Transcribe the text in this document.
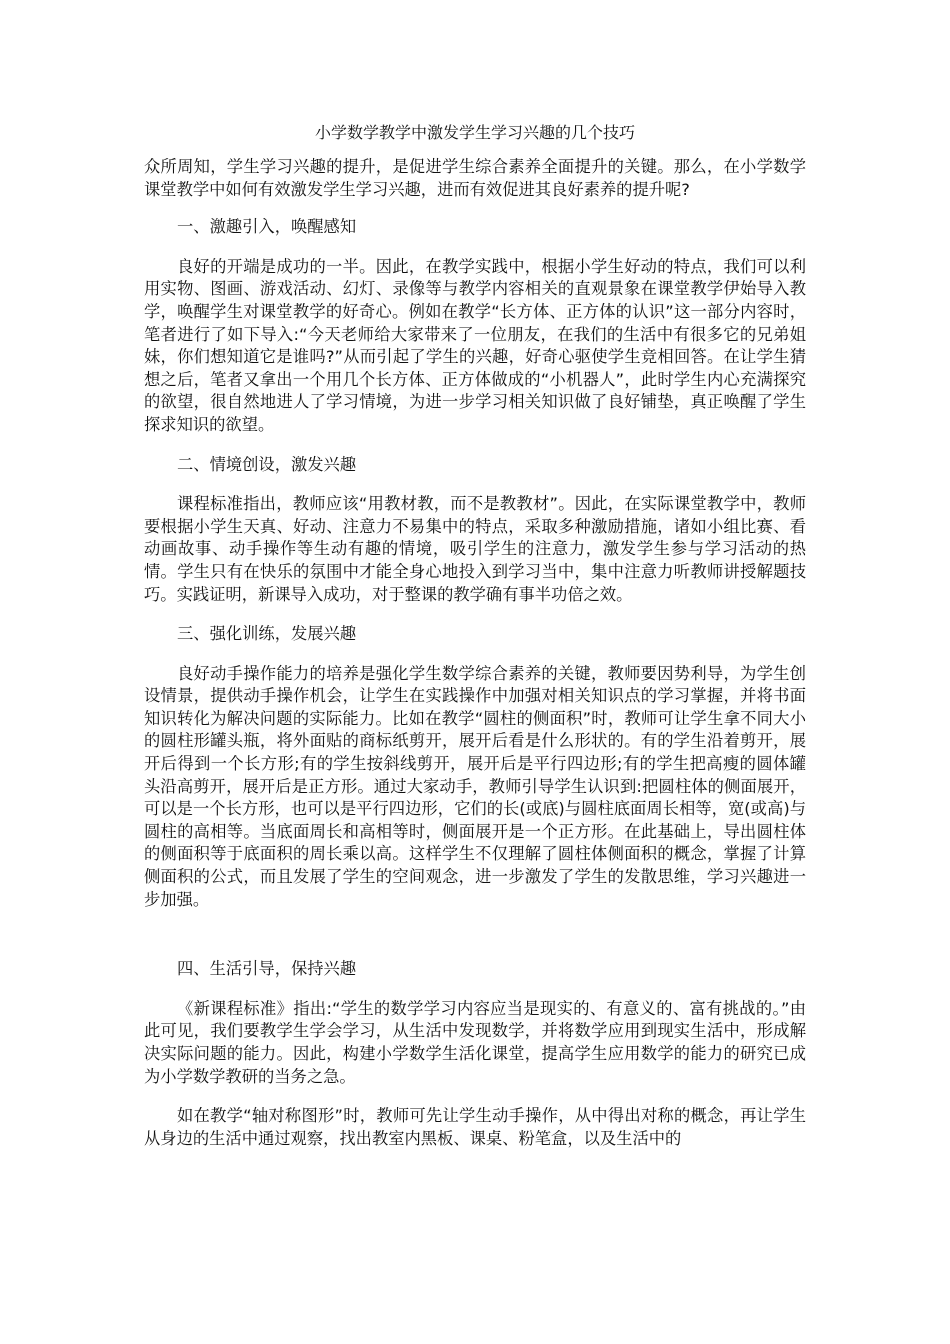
小学数学教学中激发学生学习兴趣的几个技巧

众所周知，学生学习兴趣的提升，是促进学生综合素养全面提升的关键。那么，在小学数学课堂教学中如何有效激发学生学习兴趣，进而有效促进其良好素养的提升呢?

一、激趣引入，唤醒感知

良好的开端是成功的一半。因此，在教学实践中，根据小学生好动的特点，我们可以利用实物、图画、游戏活动、幻灯、录像等与教学内容相关的直观景象在课堂教学伊始导入教学，唤醒学生对课堂教学的好奇心。例如在教学“长方体、正方体的认识”这一部分内容时，笔者进行了如下导入:“今天老师给大家带来了一位朋友，在我们的生活中有很多它的兄弟姐妹，你们想知道它是谁吗?”从而引起了学生的兴趣，好奇心驱使学生竞相回答。在让学生猜想之后，笔者又拿出一个用几个长方体、正方体做成的“小机器人”，此时学生内心充满探究的欲望，很自然地进人了学习情境，为进一步学习相关知识做了良好铺垫，真正唤醒了学生探求知识的欲望。

二、情境创设，激发兴趣

课程标准指出，教师应该“用教材教，而不是教教材”。因此，在实际课堂教学中，教师要根据小学生天真、好动、注意力不易集中的特点，采取多种激励措施，诸如小组比赛、看动画故事、动手操作等生动有趣的情境，吸引学生的注意力，激发学生参与学习活动的热情。学生只有在快乐的氛围中才能全身心地投入到学习当中，集中注意力听教师讲授解题技巧。实践证明，新课导入成功，对于整课的教学确有事半功倍之效。

三、强化训练，发展兴趣

良好动手操作能力的培养是强化学生数学综合素养的关键，教师要因势利导，为学生创设情景，提供动手操作机会，让学生在实践操作中加强对相关知识点的学习掌握，并将书面知识转化为解决问题的实际能力。比如在教学“圆柱的侧面积”时，教师可让学生拿不同大小的圆柱形罐头瓶，将外面贴的商标纸剪开，展开后看是什么形状的。有的学生沿着剪开，展开后得到一个长方形;有的学生按斜线剪开，展开后是平行四边形;有的学生把高瘦的圆体罐头沿高剪开，展开后是正方形。通过大家动手，教师引导学生认识到:把圆柱体的侧面展开，可以是一个长方形，也可以是平行四边形，它们的长(或底)与圆柱底面周长相等，宽(或高)与圆柱的高相等。当底面周长和高相等时，侧面展开是一个正方形。在此基础上，导出圆柱体的侧面积等于底面积的周长乘以高。这样学生不仅理解了圆柱体侧面积的概念，掌握了计算侧面积的公式，而且发展了学生的空间观念，进一步激发了学生的发散思维，学习兴趣进一步加强。

四、生活引导，保持兴趣

《新课程标准》指出:“学生的数学学习内容应当是现实的、有意义的、富有挑战的。”由此可见，我们要教学生学会学习，从生活中发现数学，并将数学应用到现实生活中，形成解决实际问题的能力。因此，构建小学数学生活化课堂，提高学生应用数学的能力的研究已成为小学数学教研的当务之急。

如在教学“轴对称图形”时，教师可先让学生动手操作，从中得出对称的概念，再让学生从身边的生活中通过观察，找出教室内黑板、课桌、粉笔盒，以及生活中的
